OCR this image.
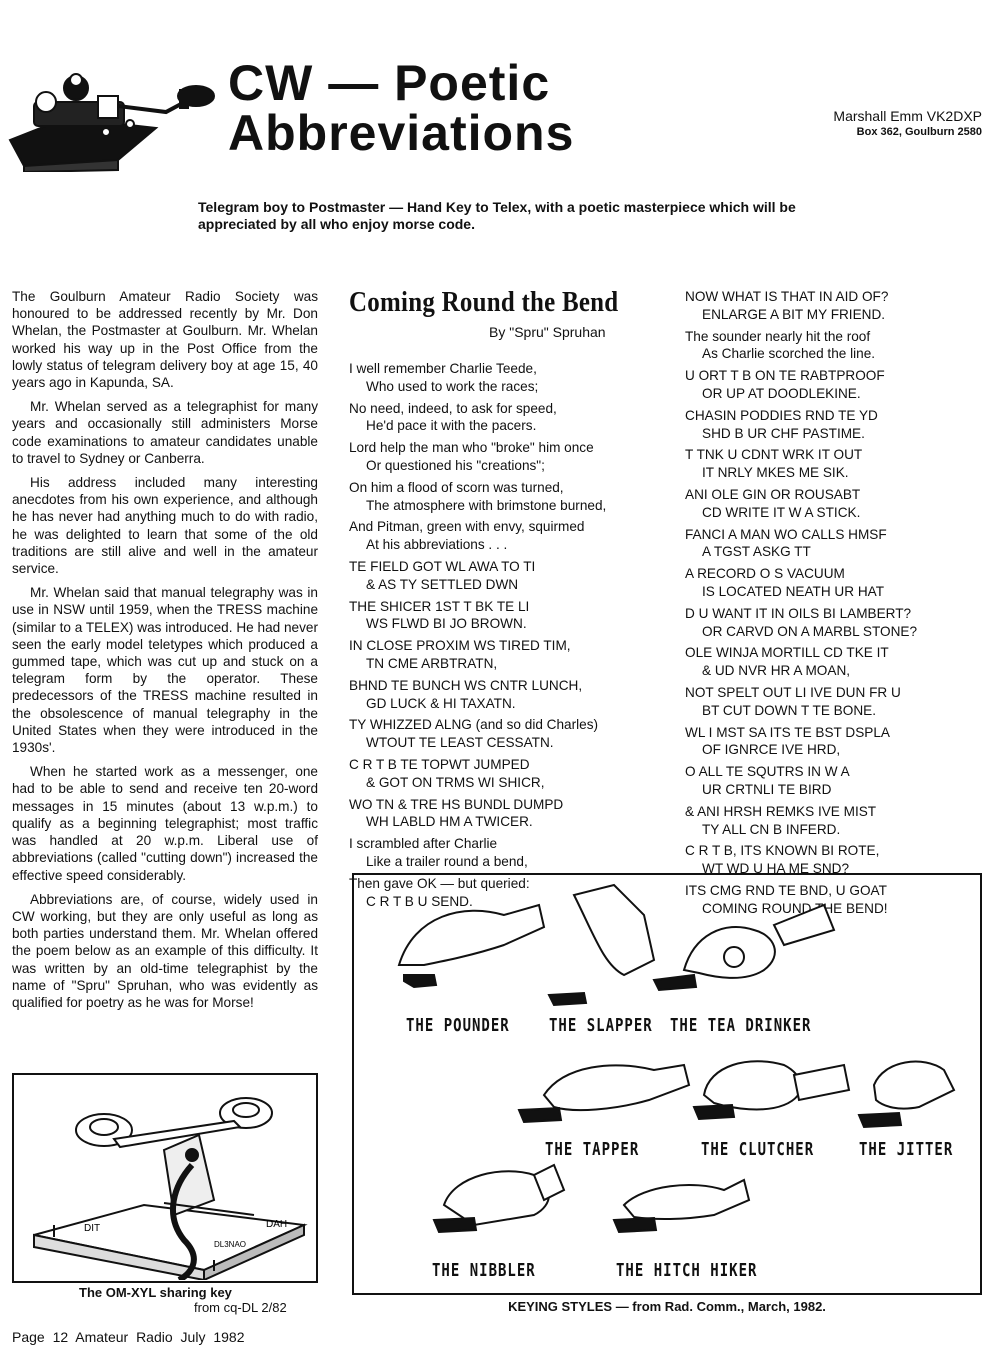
CW — Poetic
Abbreviations	Marshall Emm VK2DXP
Box 362, Goulburn 2580
Telegram boy to Postmaster — Hand Key to Telex, with a poetic masterpiece which will be appreciated by all who enjoy morse code.

The Goulburn Amateur Radio Society was honoured to be addressed recently by Mr. Don Whelan, the Postmaster at Goulburn. Mr. Whelan worked his way up in the Post Office from the lowly status of telegram delivery boy at age 15, 40 years ago in Kapunda, SA.

Mr. Whelan served as a telegraphist for many years and occasionally still administers Morse code examinations to amateur candidates unable to travel to Sydney or Canberra.

His address included many interesting anecdotes from his own experience, and although he has never had anything much to do with radio, he was delighted to learn that some of the old traditions are still alive and well in the amateur service.

Mr. Whelan said that manual telegraphy was in use in NSW until 1959, when the TRESS machine (similar to a TELEX) was introduced. He had never seen the early model teletypes which produced a gummed tape, which was cut up and stuck on a telegram form by the operator. These predecessors of the TRESS machine resulted in the obsolescence of manual telegraphy in the United States when they were introduced in the 1930s'.

When he started work as a messenger, one had to be able to send and receive ten 20-word messages in 15 minutes (about 13 w.p.m.) to qualify as a beginning telegraphist; most traffic was handled at 20 w.p.m. Liberal use of abbreviations (called "cutting down") increased the effective speed considerably.

Abbreviations are, of course, widely used in CW working, but they are only useful as long as both parties understand them. Mr. Whelan offered the poem below as an example of this difficulty. It was written by an old-time telegraphist by the name of "Spru" Spruhan, who was evidently as qualified for poetry as he was for Morse!

Coming Round the Bend
By "Spru" Spruhan
I well remember Charlie Teede,
Who used to work the races;
No need, indeed, to ask for speed,
He'd pace it with the pacers.
Lord help the man who "broke" him once
Or questioned his "creations";
On him a flood of scorn was turned,
The atmosphere with brimstone burned,
And Pitman, green with envy, squirmed
At his abbreviations . . .
TE FIELD GOT WL AWA TO TI
& AS TY SETTLED DWN
THE SHICER 1ST T BK TE LI
WS FLWD BI JO BROWN.
IN CLOSE PROXIM WS TIRED TIM,
TN CME ARBTRATN,
BHND TE BUNCH WS CNTR LUNCH,
GD LUCK & HI TAXATN.
TY WHIZZED ALNG (and so did Charles)
WTOUT TE LEAST CESSATN.
C R T B TE TOPWT JUMPED
& GOT ON TRMS WI SHICR,
WO TN & TRE HS BUNDL DUMPD
WH LABLD HM A TWICER.
I scrambled after Charlie
Like a trailer round a bend,
Then gave OK — but queried:
C R T B U SEND.
NOW WHAT IS THAT IN AID OF?
ENLARGE A BIT MY FRIEND.
The sounder nearly hit the roof
As Charlie scorched the line.
U ORT T B ON TE RABTPROOF
OR UP AT DOODLEKINE.
CHASIN PODDIES RND TE YD
SHD B UR CHF PASTIME.
T TNK U CDNT WRK IT OUT
IT NRLY MKES ME SIK.
ANI OLE GIN OR ROUSABT
CD WRITE IT W A STICK.
FANCI A MAN WO CALLS HMSF
A TGST ASKG TT
A RECORD O S VACUUM
IS LOCATED NEATH UR HAT
D U WANT IT IN OILS BI LAMBERT?
OR CARVD ON A MARBL STONE?
OLE WINJA MORTILL CD TKE IT
& UD NVR HR A MOAN,
NOT SPELT OUT LI IVE DUN FR U
BT CUT DOWN T TE BONE.
WL I MST SA ITS TE BST DSPLA
OF IGNRCE IVE HRD,
O ALL TE SQUTRS IN W A
UR CRTNLI TE BIRD
& ANI HRSH REMKS IVE MIST
TY ALL CN B INFERD.
C R T B, ITS KNOWN BI ROTE,
WT WD U HA ME SND?
ITS CMG RND TE BND, U GOAT
COMING ROUND THE BEND!
DIT	DAH
DL3NAO
The OM-XYL sharing key
from cq-DL 2/82
THE POUNDER	THE SLAPPER THE TEA DRINKER
THE TAPPER	THE CLUTCHER	THE JITTER
THE NIBBLER	THE HITCH HIKER
KEYING STYLES — from Rad. Comm., March, 1982.
Page 12 Amateur Radio July 1982
